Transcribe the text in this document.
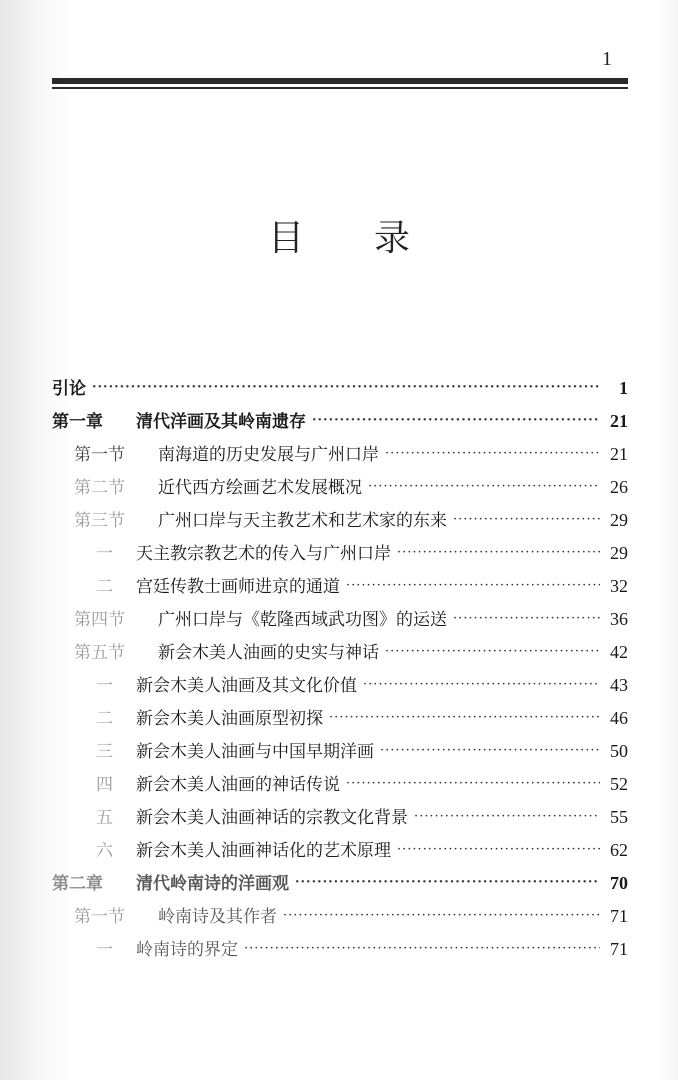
1
目录
引论 ·····	1
第一章	清代洋画及其岭南遗存 ·····	21
第一节	南海道的历史发展与广州口岸 ·····	21
第二节	近代西方绘画艺术发展概况 ·····	26
第三节	广州口岸与天主教艺术和艺术家的东来 ·····	29
一	天主教宗教艺术的传入与广州口岸 ·····	29
二	宫廷传教士画师进京的通道 ·····	32
第四节	广州口岸与《乾隆西域武功图》的运送 ·····	36
第五节	新会木美人油画的史实与神话 ·····	42
一	新会木美人油画及其文化价值 ·····	43
二	新会木美人油画原型初探 ·····	46
三	新会木美人油画与中国早期洋画 ·····	50
四	新会木美人油画的神话传说 ·····	52
五	新会木美人油画神话的宗教文化背景 ·····	55
六	新会木美人油画神话化的艺术原理 ·····	62
第二章	清代岭南诗的洋画观 ·····	70
第一节	岭南诗及其作者 ·····	71
一	岭南诗的界定 ·····	71
